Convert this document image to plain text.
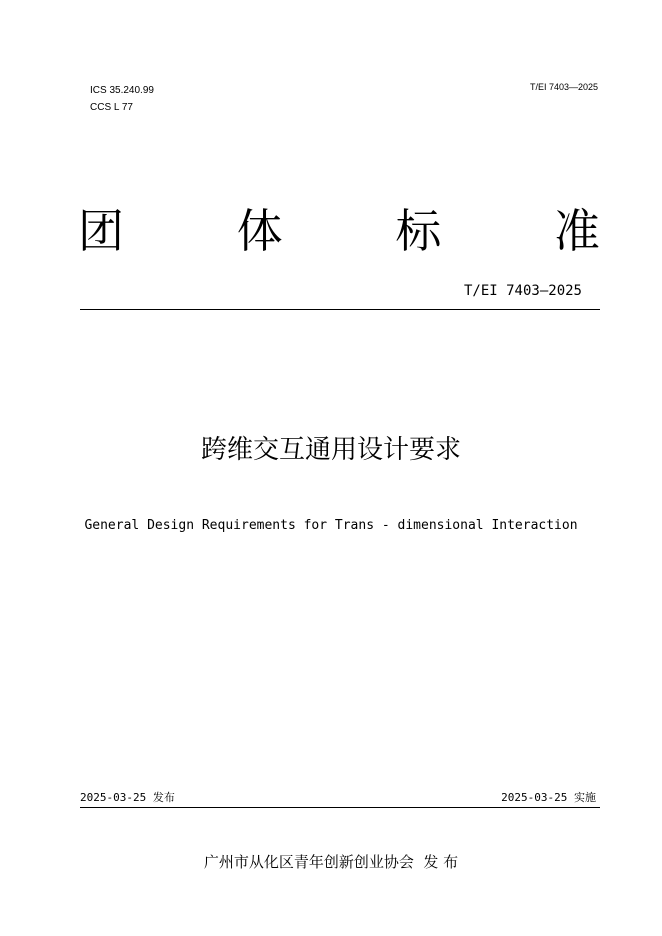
ICS 35.240.99
CCS L 77
T/EI 7403—2025
团 体 标 准
T/EI 7403—2025
跨维交互通用设计要求
General Design Requirements for Trans - dimensional Interaction
2025-03-25 发布	2025-03-25 实施
广州市从化区青年创新创业协会  发 布
